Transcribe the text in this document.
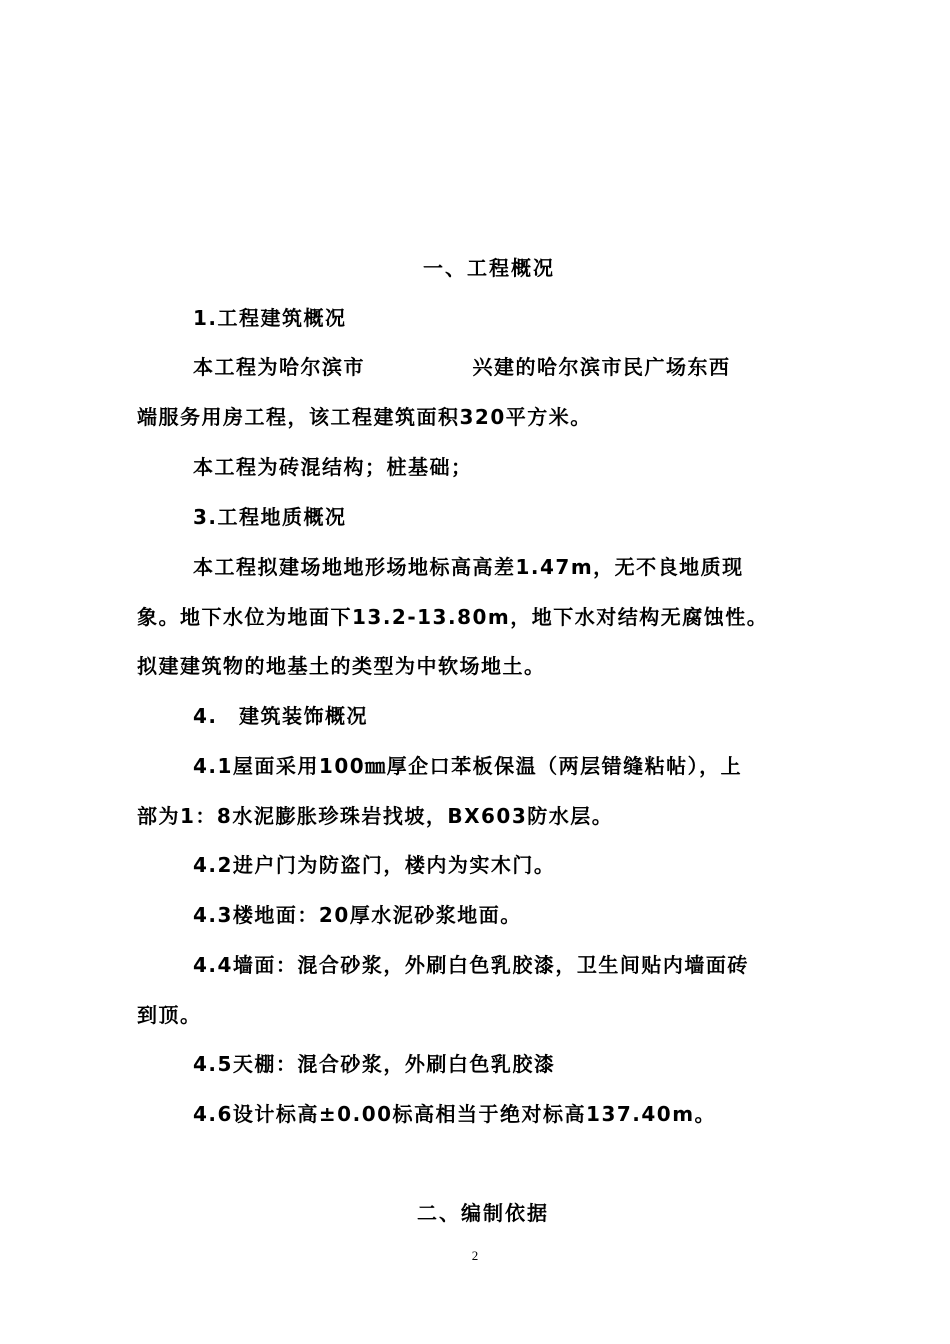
一、工程概况
1.工程建筑概况
本工程为哈尔滨市　　　　　兴建的哈尔滨市民广场东西
端服务用房工程，该工程建筑面积320平方米。
本工程为砖混结构；桩基础；
3.工程地质概况
本工程拟建场地地形场地标高高差1.47m，无不良地质现
象。地下水位为地面下13.2-13.80m，地下水对结构无腐蚀性。
拟建建筑物的地基土的类型为中软场地土。
4.　建筑装饰概况
4.1屋面采用100㎜厚企口苯板保温（两层错缝粘帖），上
部为1：8水泥膨胀珍珠岩找坡，BX603防水层。
4.2进户门为防盗门，楼内为实木门。
4.3楼地面：20厚水泥砂浆地面。
4.4墙面：混合砂浆，外刷白色乳胶漆，卫生间贴内墙面砖
到顶。
4.5天棚：混合砂浆，外刷白色乳胶漆
4.6设计标高±0.00标高相当于绝对标高137.40m。
二、编制依据
2
